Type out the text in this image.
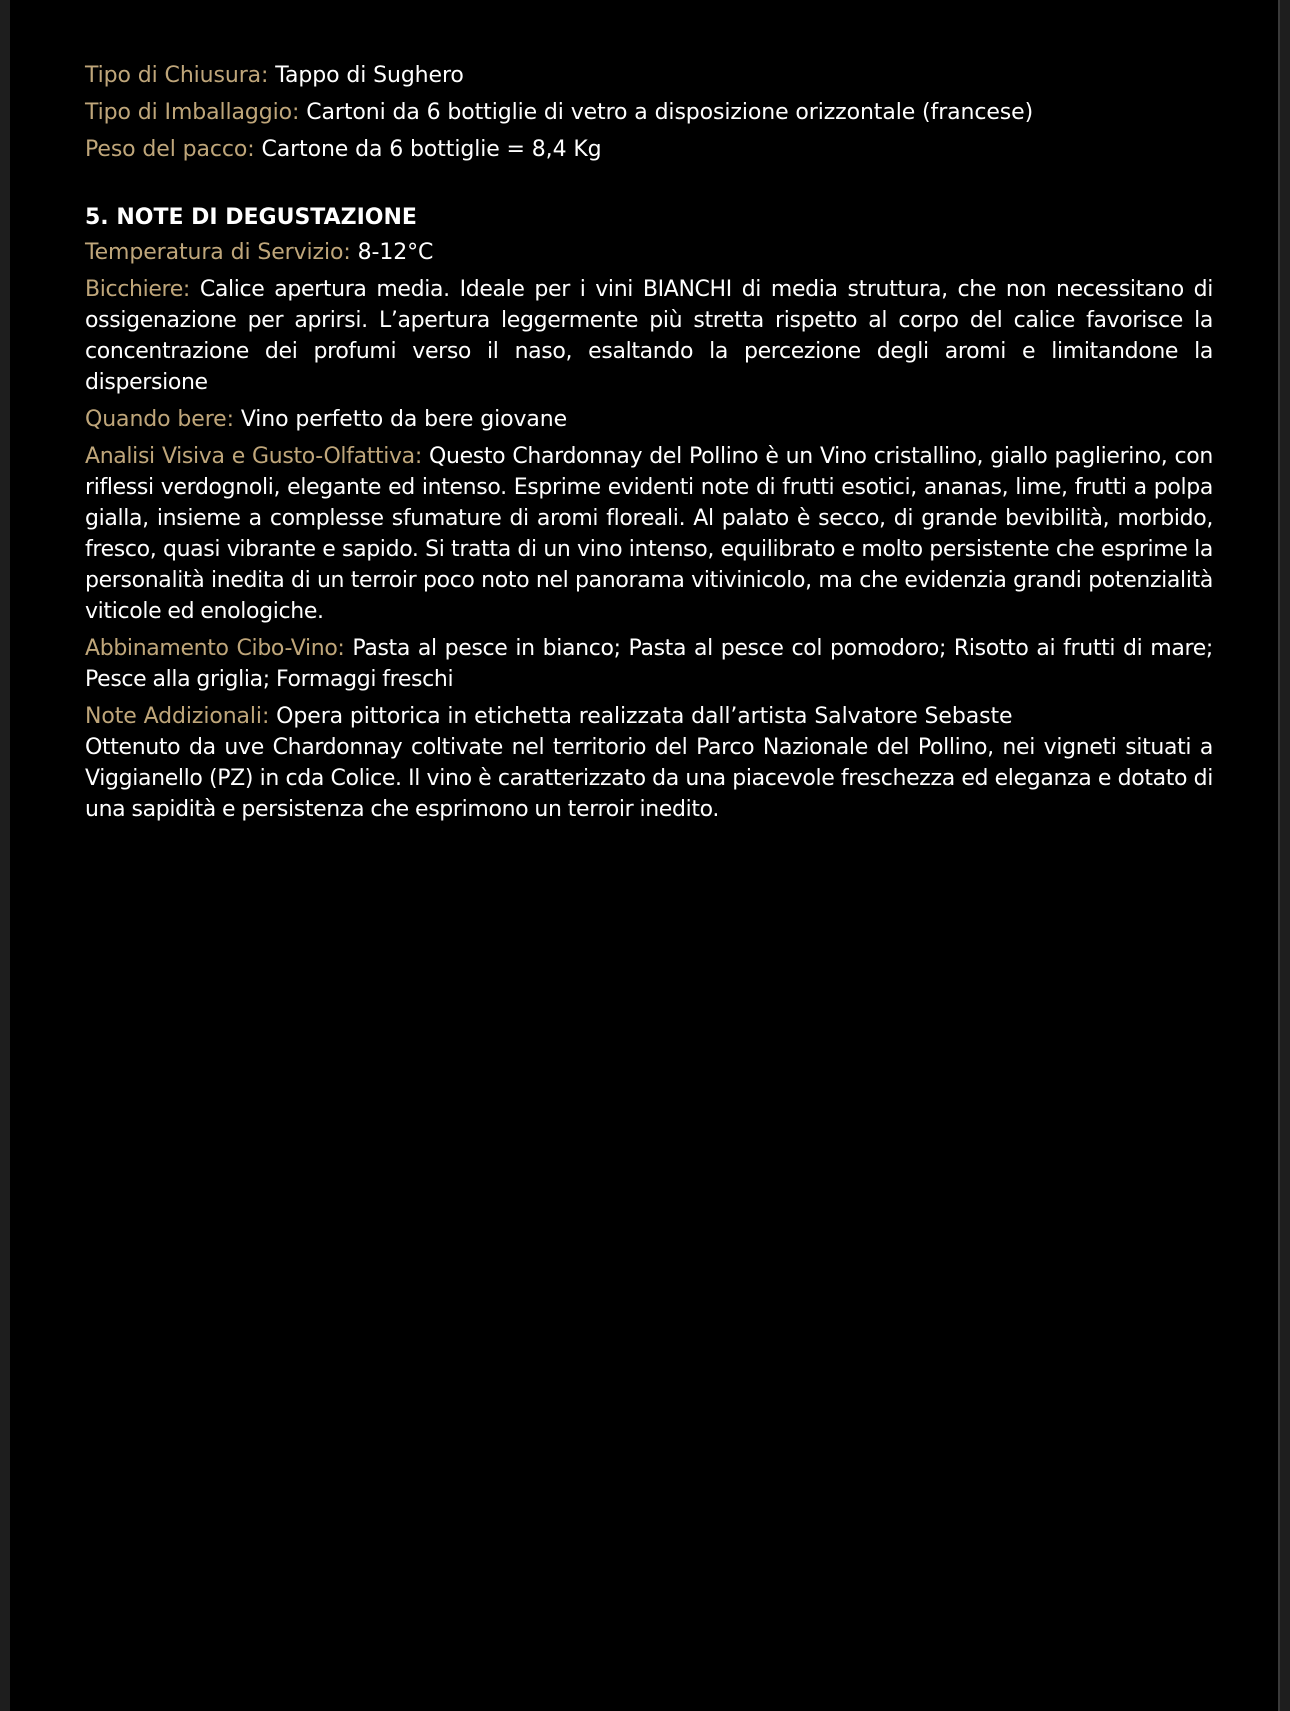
Tipo di Chiusura: Tappo di Sughero
Tipo di Imballaggio: Cartoni da 6 bottiglie di vetro a disposizione orizzontale (francese)
Peso del pacco: Cartone da 6 bottiglie = 8,4 Kg
5. NOTE DI DEGUSTAZIONE
Temperatura di Servizio: 8-12°C
Bicchiere: Calice apertura media. Ideale per i vini BIANCHI di media struttura, che non necessitano di ossigenazione per aprirsi. L’apertura leggermente più stretta rispetto al corpo del calice favorisce la concentrazione dei profumi verso il naso, esaltando la percezione degli aromi e limitandone la dispersione
Quando bere: Vino perfetto da bere giovane
Analisi Visiva e Gusto-Olfattiva: Questo Chardonnay del Pollino è un Vino cristallino, giallo paglierino, con riflessi verdognoli, elegante ed intenso. Esprime evidenti note di frutti esotici, ananas, lime, frutti a polpa gialla, insieme a complesse sfumature di aromi floreali. Al palato è secco, di grande bevibilità, morbido, fresco, quasi vibrante e sapido. Si tratta di un vino intenso, equilibrato e molto persistente che esprime la personalità inedita di un terroir poco noto nel panorama vitivinicolo, ma che evidenzia grandi potenzialità viticole ed enologiche.
Abbinamento Cibo-Vino: Pasta al pesce in bianco; Pasta al pesce col pomodoro; Risotto ai frutti di mare; Pesce alla griglia; Formaggi freschi
Note Addizionali: Opera pittorica in etichetta realizzata dall’artista Salvatore Sebaste
Ottenuto da uve Chardonnay coltivate nel territorio del Parco Nazionale del Pollino, nei vigneti situati a Viggianello (PZ) in cda Colice. Il vino è caratterizzato da una piacevole freschezza ed eleganza e dotato di una sapidità e persistenza che esprimono un terroir inedito.
